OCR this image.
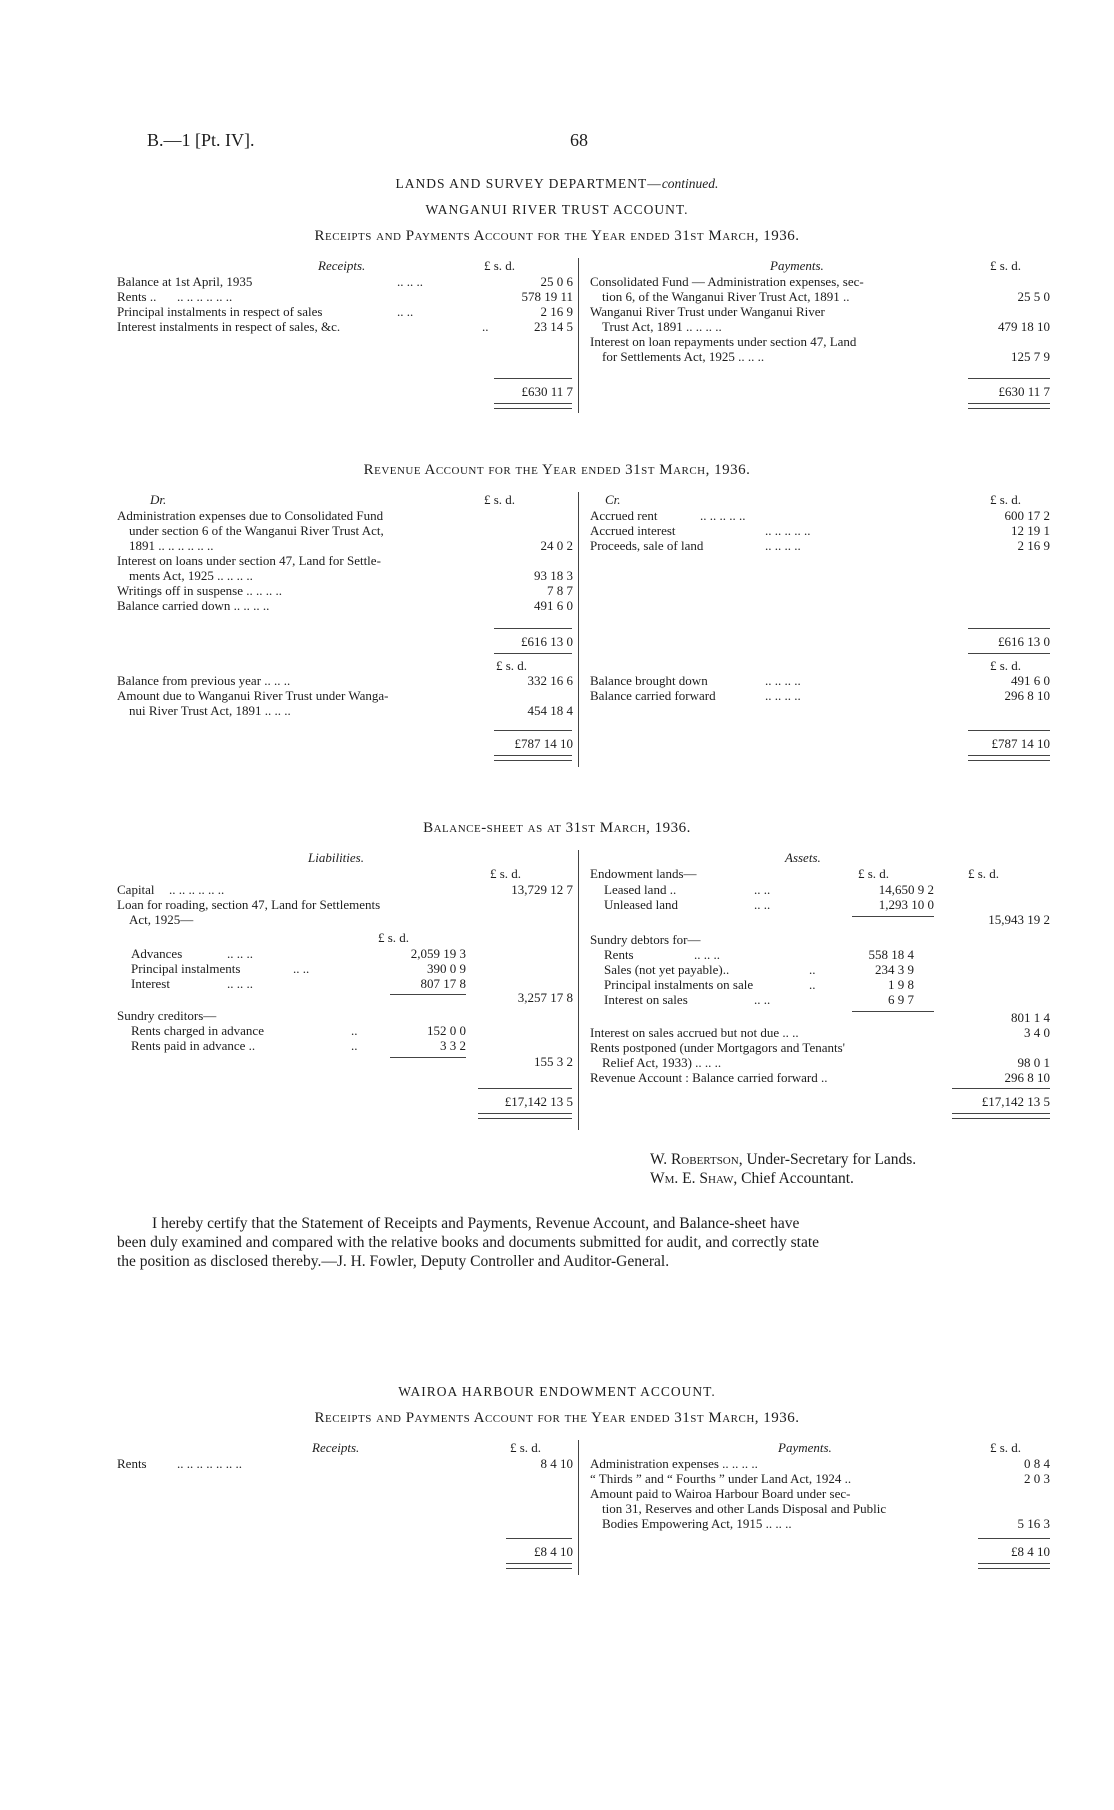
B.—1 [Pt. IV].	68
LANDS AND SURVEY DEPARTMENT—continued.
WANGANUI RIVER TRUST ACCOUNT.
Receipts and Payments Account for the Year ended 31st March, 1936.
Receipts.	£ s. d.	Payments.	£ s. d.
Balance at 1st April, 1935	.. .. ..	25 0 6
Rents .. .. .. .. .. .. ..	578 19 11
Principal instalments in respect of sales	.. ..	2 16 9
Interest instalments in respect of sales, &c.	..	23 14 5
£630 11 7
Consolidated Fund — Administration expenses, sec-
tion 6, of the Wanganui River Trust Act, 1891 ..	25 5 0
Wanganui River Trust under Wanganui River
Trust Act, 1891 .. .. .. ..	479 18 10
Interest on loan repayments under section 47, Land
for Settlements Act, 1925 .. .. ..	125 7 9
£630 11 7
Revenue Account for the Year ended 31st March, 1936.
Dr.	£ s. d.	Cr.	£ s. d.
Administration expenses due to Consolidated Fund
under section 6 of the Wanganui River Trust Act,
1891 .. .. .. .. .. ..	24 0 2
Interest on loans under section 47, Land for Settle-
ments Act, 1925 .. .. .. ..	93 18 3
Writings off in suspense .. .. .. ..	7 8 7
Balance carried down .. .. .. ..	491 6 0
£616 13 0
£ s. d.
Accrued rent	.. .. .. .. ..	600 17 2
Accrued interest	.. .. .. .. ..	12 19 1
Proceeds, sale of land	.. .. .. ..	2 16 9
£616 13 0
£ s. d.
Balance from previous year .. .. ..	332 16 6
Amount due to Wanganui River Trust under Wanga-
nui River Trust Act, 1891 .. .. ..	454 18 4
£787 14 10
Balance brought down	.. .. .. ..	491 6 0
Balance carried forward	.. .. .. ..	296 8 10
£787 14 10
Balance-sheet as at 31st March, 1936.
Liabilities.
£ s. d.
Assets.
£ s. d.	£ s. d.
Capital .. .. .. .. .. ..	13,729 12 7
Loan for roading, section 47, Land for Settlements
Act, 1925—
£ s. d.
Advances	.. .. ..	2,059 19 3
Principal instalments	.. ..	390 0 9
Interest	.. .. ..	807 17 8
3,257 17 8
Sundry creditors—
Rents charged in advance	..	152 0 0
Rents paid in advance ..	..	3 3 2
155 3 2
£17,142 13 5
Endowment lands—
Leased land ..	.. ..	14,650 9 2
Unleased land	.. ..	1,293 10 0
15,943 19 2
Sundry debtors for—
Rents	.. .. ..	558 18 4
Sales (not yet payable)..	..	234 3 9
Principal instalments on sale	..	1 9 8
Interest on sales	.. ..	6 9 7
801 1 4
Interest on sales accrued but not due .. ..	3 4 0
Rents postponed (under Mortgagors and Tenants'
Relief Act, 1933) .. .. ..	98 0 1
Revenue Account : Balance carried forward ..	296 8 10
£17,142 13 5
W. Robertson, Under-Secretary for Lands.
Wm. E. Shaw, Chief Accountant.
I hereby certify that the Statement of Receipts and Payments, Revenue Account, and Balance-sheet have
been duly examined and compared with the relative books and documents submitted for audit, and correctly state
the position as disclosed thereby.—J. H. Fowler, Deputy Controller and Auditor-General.
WAIROA HARBOUR ENDOWMENT ACCOUNT.
Receipts and Payments Account for the Year ended 31st March, 1936.
Receipts.	£ s. d.	Payments.	£ s. d.
Rents .. .. .. .. .. .. ..	8 4 10
£8 4 10
Administration expenses .. .. .. ..	0 8 4
“ Thirds ” and “ Fourths ” under Land Act, 1924 ..	2 0 3
Amount paid to Wairoa Harbour Board under sec-
tion 31, Reserves and other Lands Disposal and Public
Bodies Empowering Act, 1915 .. .. ..	5 16 3
£8 4 10
